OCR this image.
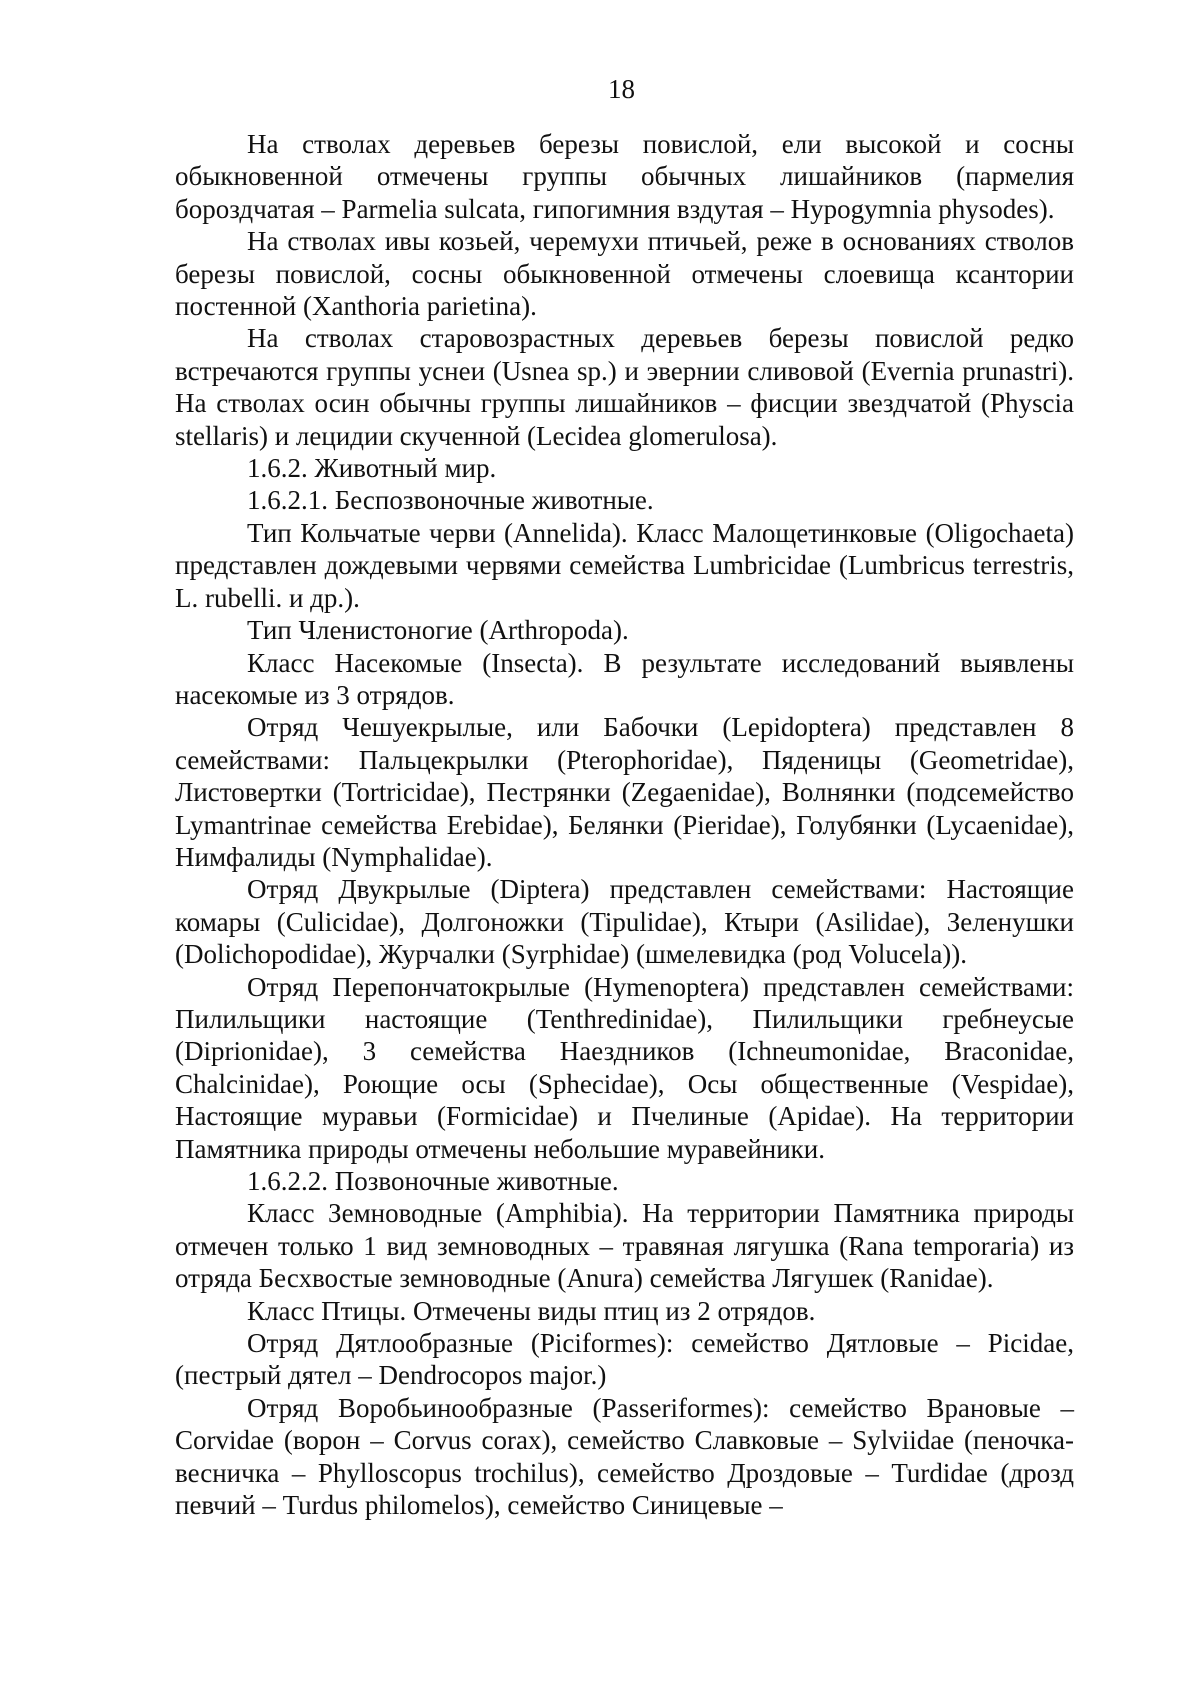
18

На стволах деревьев березы повислой, ели высокой и сосны обыкновенной отмечены группы обычных лишайников (пармелия бороздчатая – Parmelia sulcata, гипогимния вздутая – Hypogymnia physodes).

На стволах ивы козьей, черемухи птичьей, реже в основаниях стволов березы повислой, сосны обыкновенной отмечены слоевища ксантории постенной (Xanthoria parietina).

На стволах старовозрастных деревьев березы повислой редко встречаются группы уснеи (Usnea sp.) и эвернии сливовой (Evernia prunastri). На стволах осин обычны группы лишайников – фисции звездчатой (Physcia stellaris) и лецидии скученной (Lecidea glomerulosa).

1.6.2. Животный мир.

1.6.2.1. Беспозвоночные животные.

Тип Кольчатые черви (Annelida). Класс Малощетинковые (Oligochaeta) представлен дождевыми червями семейства Lumbricidae (Lumbricus terrestris, L. rubelli. и др.).

Тип Членистоногие (Arthropoda).

Класс Насекомые (Insecta). В результате исследований выявлены насекомые из 3 отрядов.

Отряд Чешуекрылые, или Бабочки (Lepidoptera) представлен 8 семействами: Пальцекрылки (Pterophoridae), Пяденицы (Geometridae), Листовертки (Tortricidae), Пестрянки (Zegaenidae), Волнянки (подсемейство Lymantrinae семейства Erebidae), Белянки (Pieridae), Голубянки (Lycaenidae), Нимфалиды (Nymphalidae).

Отряд Двукрылые (Diptera) представлен семействами: Настоящие комары (Culicidae), Долгоножки (Tipulidae), Ктыри (Asilidae), Зеленушки (Dolichopodidae), Журчалки (Syrphidae) (шмелевидка (род Volucela)).

Отряд Перепончатокрылые (Hymenoptera) представлен семействами: Пилильщики настоящие (Tenthredinidae), Пилильщики гребнеусые (Diprionidae), 3 семейства Наездников (Ichneumonidae, Braconidae, Chalcinidae), Роющие осы (Sphecidae), Осы общественные (Vespidae), Настоящие муравьи (Formicidae) и Пчелиные (Apidae). На территории Памятника природы отмечены небольшие муравейники.

1.6.2.2. Позвоночные животные.

Класс Земноводные (Amphibia). На территории Памятника природы отмечен только 1 вид земноводных – травяная лягушка (Rana temporaria) из отряда Бесхвостые земноводные (Anura) семейства Лягушек (Ranidae).

Класс Птицы. Отмечены виды птиц из 2 отрядов.

Отряд Дятлообразные (Piciformes): семейство Дятловые – Picidae, (пестрый дятел – Dendrocopos major.)

Отряд Воробьинообразные (Passeriformes): семейство Врановые – Corvidae (ворон – Corvus corax), семейство Славковые – Sylviidae (пеночка-весничка – Phylloscopus trochilus), семейство Дроздовые – Turdidae (дрозд певчий – Turdus philomelos), семейство Синицевые –
